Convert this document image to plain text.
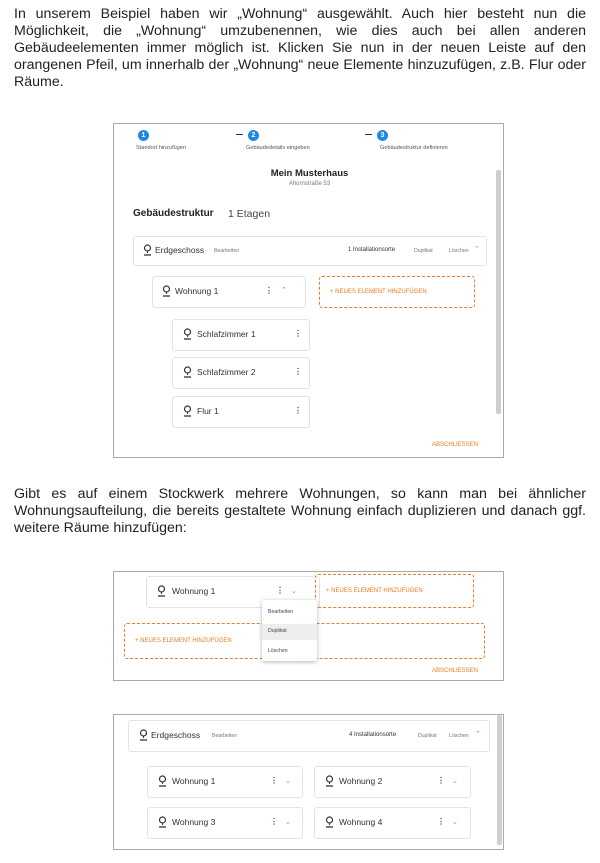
In unserem Beispiel haben wir „Wohnung“ ausgewählt. Auch hier besteht nun die Möglichkeit, die „Wohnung“ umzubenennen, wie dies auch bei allen anderen Gebäudeelementen immer möglich ist. Klicken Sie nun in der neuen Leiste auf den orangenen Pfeil, um innerhalb der „Wohnung“ neue Elemente hinzuzufügen, z.B. Flur oder Räume.

1
Standort hinzufügen
2
Gebäudedetails eingeben
3
Gebäudestruktur definieren
Mein Musterhaus
Ahornstraße 53
Gebäudestruktur 1 Etagen
Erdgeschoss Bearbeiten	1 Installationsorte	Duplikat	Löschen ⌃
Wohnung 1	⋮ ⌃	+ NEUES ELEMENT HINZUFÜGEN
Schlafzimmer 1	⋮
Schlafzimmer 2	⋮
Flur 1	⋮
ABSCHLIESSEN

Gibt es auf einem Stockwerk mehrere Wohnungen, so kann man bei ähnlicher Wohnungsaufteilung, die bereits gestaltete Wohnung einfach duplizieren und danach ggf. weitere Räume hinzufügen:

Wohnung 1	⋮ ⌄	+ NEUES ELEMENT HINZUFÜGEN
+ NEUES ELEMENT HINZUFÜGEN
Bearbeiten
Duplikat
Löschen
ABSCHLIESSEN
Erdgeschoss Bearbeiten	4 Installationsorte	Duplikat Löschen ⌃
Wohnung 1	⋮ ⌄	Wohnung 2	⋮ ⌄
Wohnung 3	⋮ ⌄	Wohnung 4	⋮ ⌄
